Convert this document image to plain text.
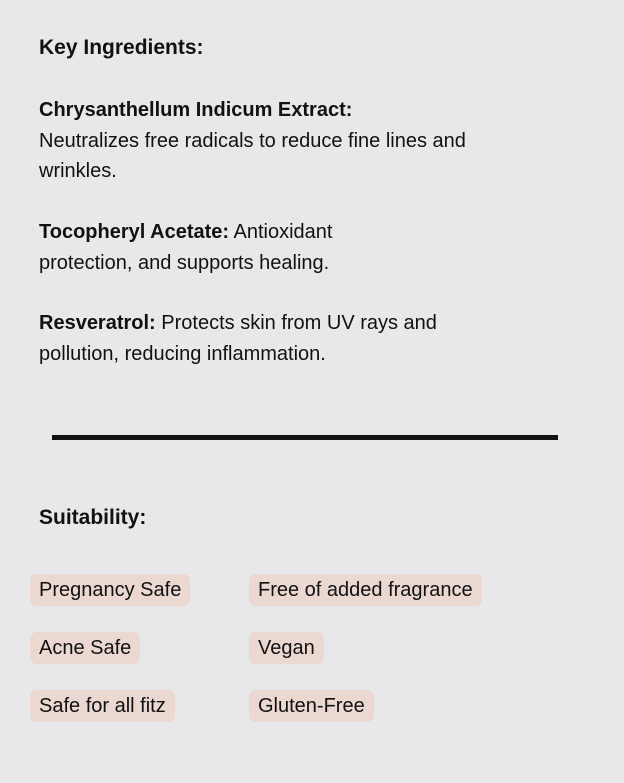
Key Ingredients:

Chrysanthellum Indicum Extract:
Neutralizes free radicals to reduce fine lines and wrinkles.

Tocopheryl Acetate: Antioxidant protection, and supports healing.

Resveratrol: Protects skin from UV rays and pollution, reducing inflammation.

Suitability:
Pregnancy Safe	Free of added fragrance
Acne Safe	Vegan
Safe for all fitz	Gluten-Free
